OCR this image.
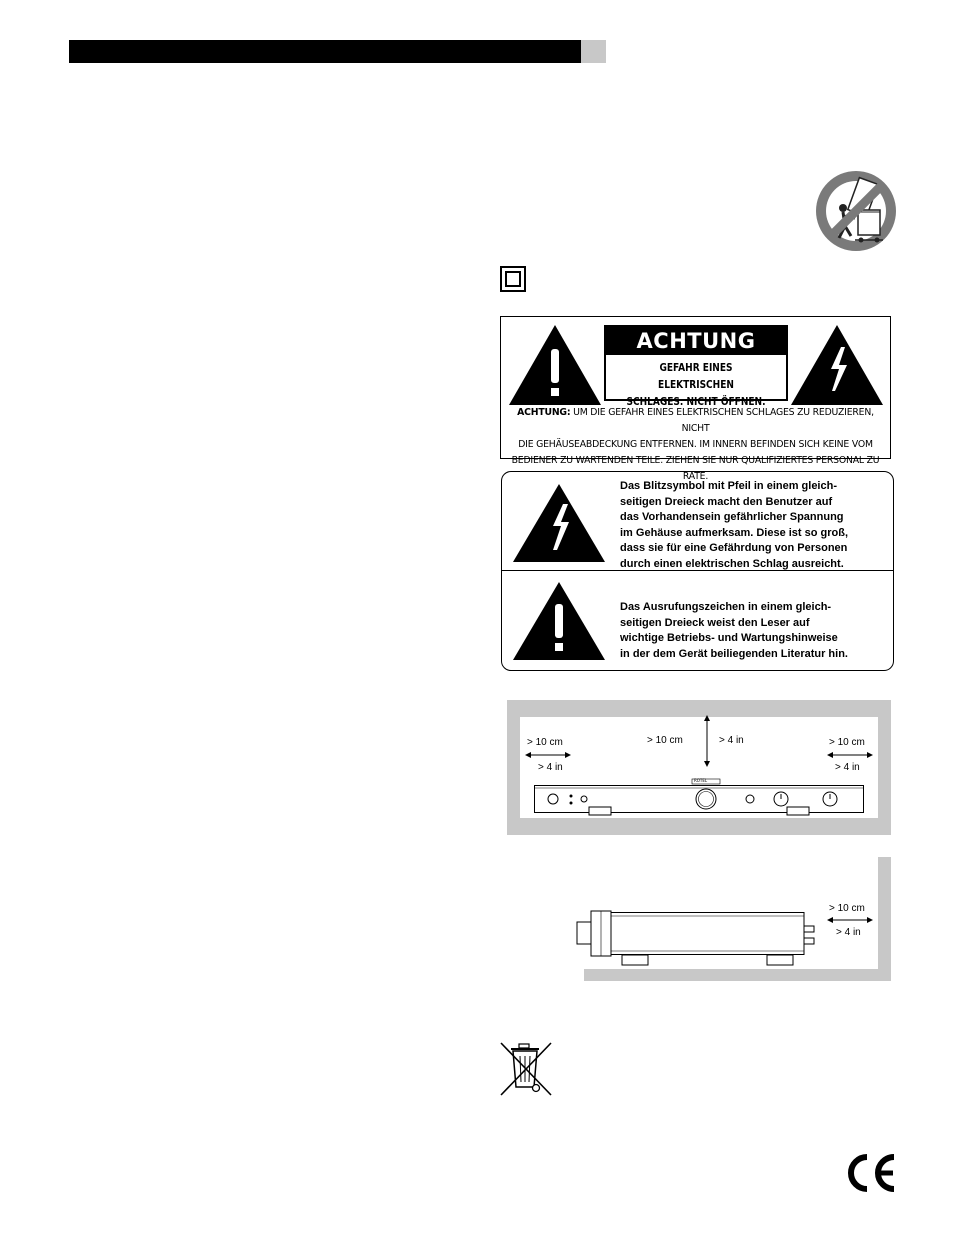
ACHTUNG
GEFAHR EINES ELEKTRISCHEN
SCHLAGES. NICHT ÖFFNEN.
ACHTUNG: UM DIE GEFAHR EINES ELEKTRISCHEN SCHLAGES ZU REDUZIEREN, NICHT
DIE GEHÄUSEABDECKUNG ENTFERNEN. IM INNERN BEFINDEN SICH KEINE VOM
BEDIENER ZU WARTENDEN TEILE. ZIEHEN SIE NUR QUALIFIZIERTES PERSONAL ZU RATE.
Das Blitzsymbol mit Pfeil in einem gleich-
seitigen Dreieck macht den Benutzer auf
das Vorhandensein gefährlicher Spannung
im Gehäuse aufmerksam. Diese ist so groß,
dass sie für eine Gefährdung von Personen
durch einen elektrischen Schlag ausreicht.
Das Ausrufungszeichen in einem gleich-
seitigen Dreieck weist den Leser auf
wichtige Betriebs- und Wartungshinweise
in der dem Gerät beiliegenden Literatur hin.
> 10 cm
> 4 in
> 10 cm	> 4 in	> 10 cm
> 4 in
ROTEL
> 10 cm
> 4 in
